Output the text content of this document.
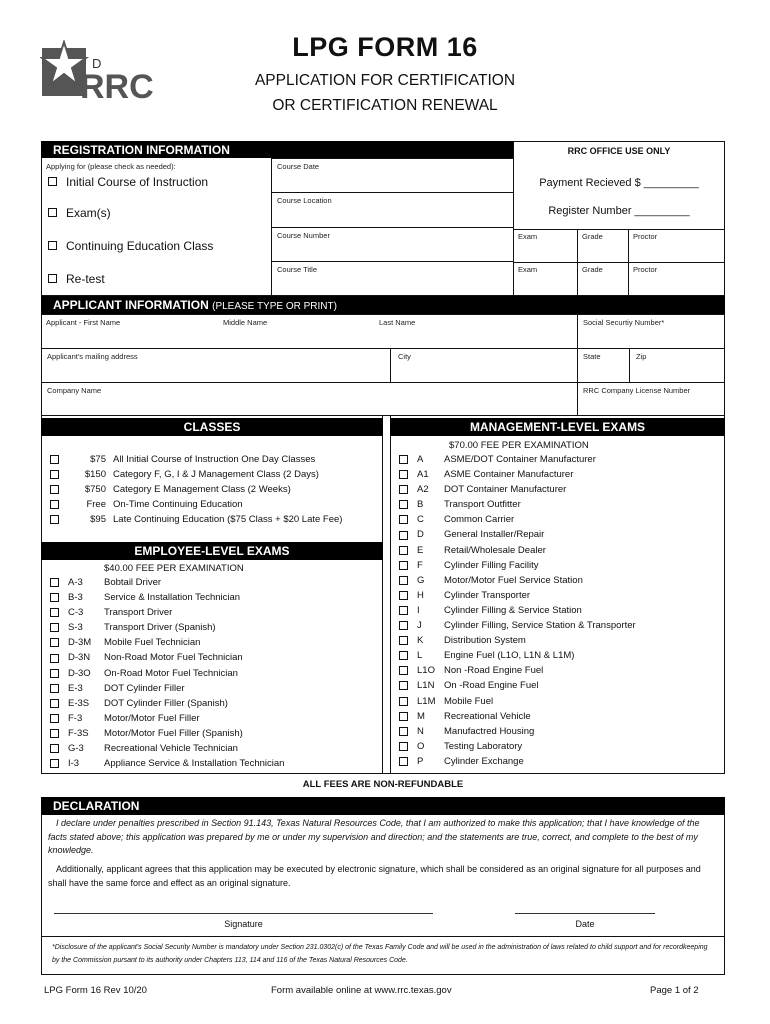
D
RRC
LPG FORM 16
APPLICATION FOR CERTIFICATION
OR CERTIFICATION RENEWAL
REGISTRATION INFORMATION	RRC OFFICE USE ONLY
Payment Recieved $ _________
Register Number _________
Exam	Grade	Proctor
Exam	Grade	Proctor
Applying for (please check as needed):
Initial Course of Instruction
Exam(s)
Continuing Education Class
Re-test
Course Date
Course Location
Course Number
Course Title
APPLICANT INFORMATION (PLEASE TYPE OR PRINT)
Applicant - First Name	Middle Name	Last Name	Social Securtiy Number*
Applicant's mailing address	City	State	Zip
Company Name	RRC Company License Number
CLASSES	MANAGEMENT-LEVEL EXAMS
$75 All Initial Course of Instruction One Day Classes
$150 Category F, G, I & J Management Class (2 Days)
$750 Category E Management Class (2 Weeks)
Free On-Time Continuing Education
$95 Late Continuing Education ($75 Class + $20 Late Fee)
EMPLOYEE-LEVEL EXAMS
$40.00 FEE PER EXAMINATION
A-3	Bobtail Driver
B-3	Service & Installation Technician
C-3	Transport Driver
S-3	Transport Driver (Spanish)
D-3M	Mobile Fuel Technician
D-3N	Non-Road Motor Fuel Technician
D-3O	On-Road Motor Fuel Technician
E-3	DOT Cylinder Filler
E-3S	DOT Cylinder Filler (Spanish)
F-3	Motor/Motor Fuel Filler
F-3S	Motor/Motor Fuel Filler (Spanish)
G-3	Recreational Vehicle Technician
I-3	Appliance Service & Installation Technician
$70.00 FEE PER EXAMINATION
A	ASME/DOT Container Manufacturer
A1	ASME Container Manufacturer
A2	DOT Container Manufacturer
B	Transport Outfitter
C	Common Carrier
D	General Installer/Repair
E	Retail/Wholesale Dealer
F	Cylinder Filling Facility
G	Motor/Motor Fuel Service Station
H	Cylinder Transporter
I	Cylinder Filling & Service Station
J	Cylinder Filling, Service Station & Transporter
K	Distribution System
L	Engine Fuel (L1O, L1N & L1M)
L1O Non -Road Engine Fuel
L1N	On -Road Engine Fuel
L1M Mobile Fuel
M	Recreational Vehicle
N	Manufactred Housing
O	Testing Laboratory
P	Cylinder Exchange
ALL FEES ARE NON-REFUNDABLE
DECLARATION
I declare under penalties prescribed in Section 91.143, Texas Natural Resources Code, that I am authorized to make this application; that I have knowledge of the facts stated above; this application was prepared by me or under my supervision and direction; and the statements are true, correct, and complete to the best of my knowledge.
Additionally, applicant agrees that this application may be executed by electronic signature, which shall be considered as an original signature for all purposes and shall have the same force and effect as an original signature.
Signature	Date
*Disclosure of the applicant's Social Security Number is mandatory under Section 231.0302(c) of the Texas Family Code and will be used in the administration of laws related to child support and for recordkeeping by the Commission pursant to its authority under Chapters 113, 114 and 116 of the Texas Natural Resources Code.
LPG Form 16 Rev 10/20	Form available online at www.rrc.texas.gov	Page 1 of 2
